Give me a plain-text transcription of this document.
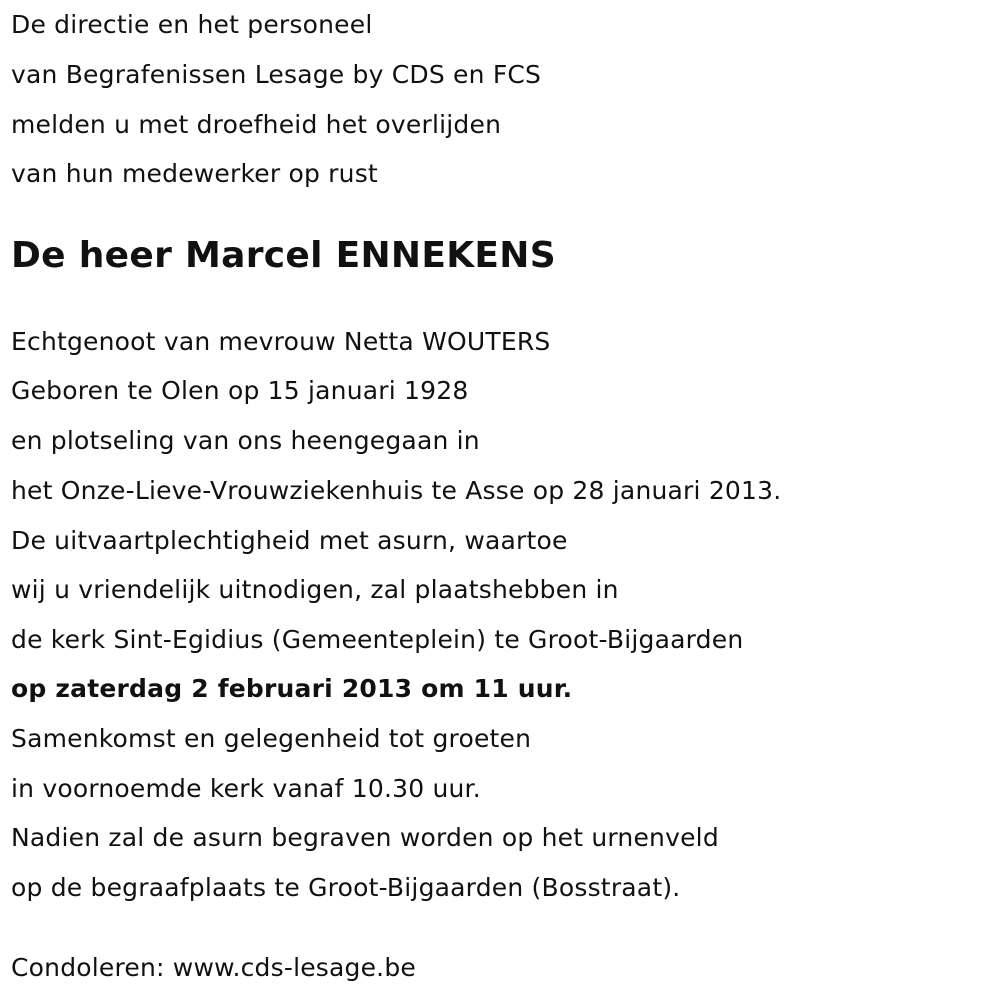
De directie en het personeel
van Begrafenissen Lesage by CDS en FCS
melden u met droefheid het overlijden
van hun medewerker op rust
De heer Marcel ENNEKENS
Echtgenoot van mevrouw Netta WOUTERS
Geboren te Olen op 15 januari 1928
en plotseling van ons heengegaan in
het Onze-Lieve-Vrouwziekenhuis te Asse op 28 januari 2013.
De uitvaartplechtigheid met asurn, waartoe
wij u vriendelijk uitnodigen, zal plaatshebben in
de kerk Sint-Egidius (Gemeenteplein) te Groot-Bijgaarden
op zaterdag 2 februari 2013 om 11 uur.
Samenkomst en gelegenheid tot groeten
in voornoemde kerk vanaf 10.30 uur.
Nadien zal de asurn begraven worden op het urnenveld
op de begraafplaats te Groot-Bijgaarden (Bosstraat).
Condoleren: www.cds-lesage.be
